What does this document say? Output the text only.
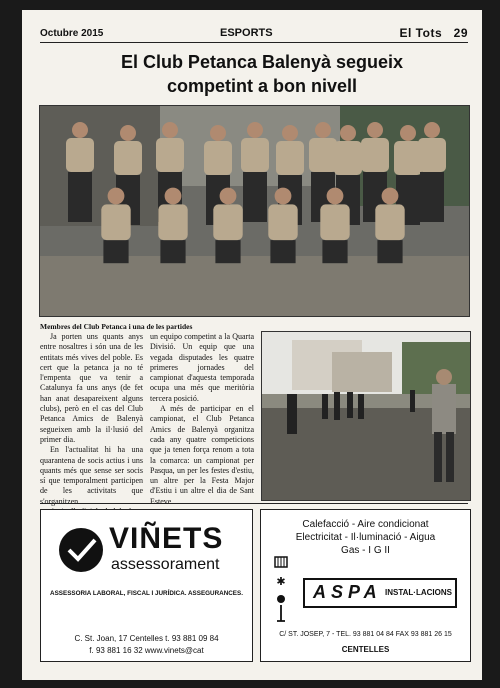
Octubre 2015	ESPORTS	El Tots 29
El Club Petanca Balenyà segueix
competint a bon nivell
Membres del Club Petanca i una de les partides

Ja porten uns quants anys entre nosaltres i són una de les entitats més vives del poble. Es cert que la petanca ja no té l'empenta que va tenir a Catalunya fa uns anys (de fet han anat desapareixent alguns clubs), però en el cas del Club Petanca Amics de Balenyà segueixen amb la il·lusió del primer dia.

En l'actualitat hi ha una quarantena de socis actius i uns quants més que sense ser socis sí que temporalment participen de les activitats que s'organitzen.

un equipo competint a la Quarta Divisió. Un equip que una vegada disputades les quatre primeres jornades del campionat d'aquesta temporada ocupa una més que meritòria tercera posició.

A més de participar en el campionat, el Club Petanca Amics de Balenyà organitza cada any quatre competicions que ja tenen força renom a tota la comarca: un campionat per Pasqua, un per les festes d'estiu, un altre per la Festa Major d'Estiu i un altre el dia de Sant Esteve.

VIÑETS
assessorament
ASSESSORIA LABORAL, FISCAL I JURÍDICA. ASSEGURANCES.
C. St. Joan, 17 Centelles t. 93 881 09 84
f. 93 881 16 32 www.vinets@cat
Calefacció - Aire condicionat
Electricitat - Il·luminació - Aigua
Gas - I G II
✱ ASPA INSTAL·LACIONS
C/ ST. JOSEP, 7 - TEL. 93 881 04 84 FAX 93 881 26 15
CENTELLES
